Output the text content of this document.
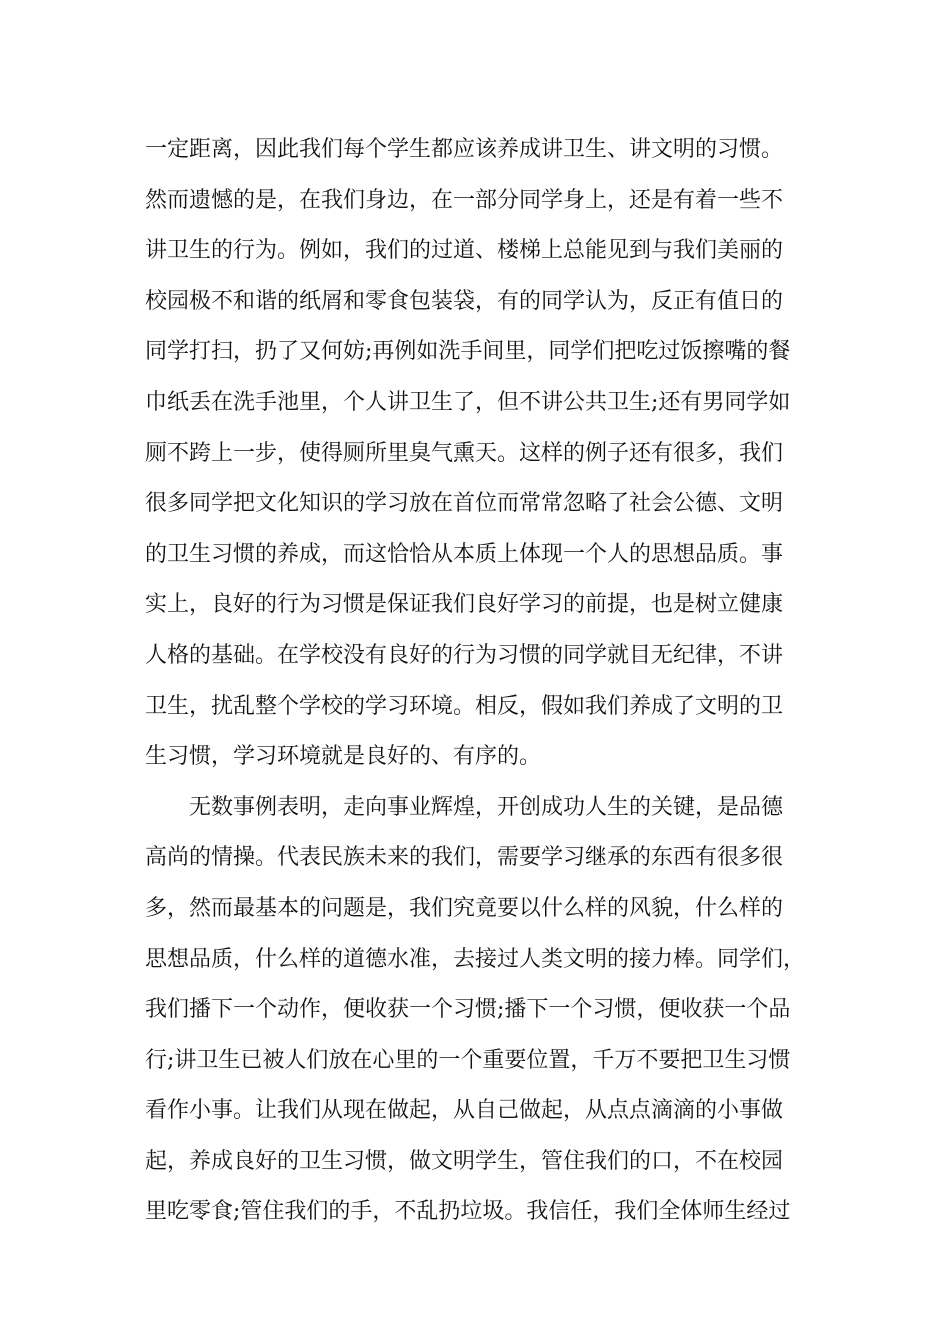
一定距离，因此我们每个学生都应该养成讲卫生、讲文明的习惯。
然而遗憾的是，在我们身边，在一部分同学身上，还是有着一些不
讲卫生的行为。例如，我们的过道、楼梯上总能见到与我们美丽的
校园极不和谐的纸屑和零食包装袋，有的同学认为，反正有值日的
同学打扫，扔了又何妨;再例如洗手间里，同学们把吃过饭擦嘴的餐
巾纸丢在洗手池里，个人讲卫生了，但不讲公共卫生;还有男同学如
厕不跨上一步，使得厕所里臭气熏天。这样的例子还有很多，我们
很多同学把文化知识的学习放在首位而常常忽略了社会公德、文明
的卫生习惯的养成，而这恰恰从本质上体现一个人的思想品质。事
实上，良好的行为习惯是保证我们良好学习的前提，也是树立健康
人格的基础。在学校没有良好的行为习惯的同学就目无纪律，不讲
卫生，扰乱整个学校的学习环境。相反，假如我们养成了文明的卫
生习惯，学习环境就是良好的、有序的。
　　无数事例表明，走向事业辉煌，开创成功人生的关键，是品德
高尚的情操。代表民族未来的我们，需要学习继承的东西有很多很
多，然而最基本的问题是，我们究竟要以什么样的风貌，什么样的
思想品质，什么样的道德水准，去接过人类文明的接力棒。同学们，
我们播下一个动作，便收获一个习惯;播下一个习惯，便收获一个品
行;讲卫生已被人们放在心里的一个重要位置，千万不要把卫生习惯
看作小事。让我们从现在做起，从自己做起，从点点滴滴的小事做
起，养成良好的卫生习惯，做文明学生，管住我们的口，不在校园
里吃零食;管住我们的手，不乱扔垃圾。我信任，我们全体师生经过
